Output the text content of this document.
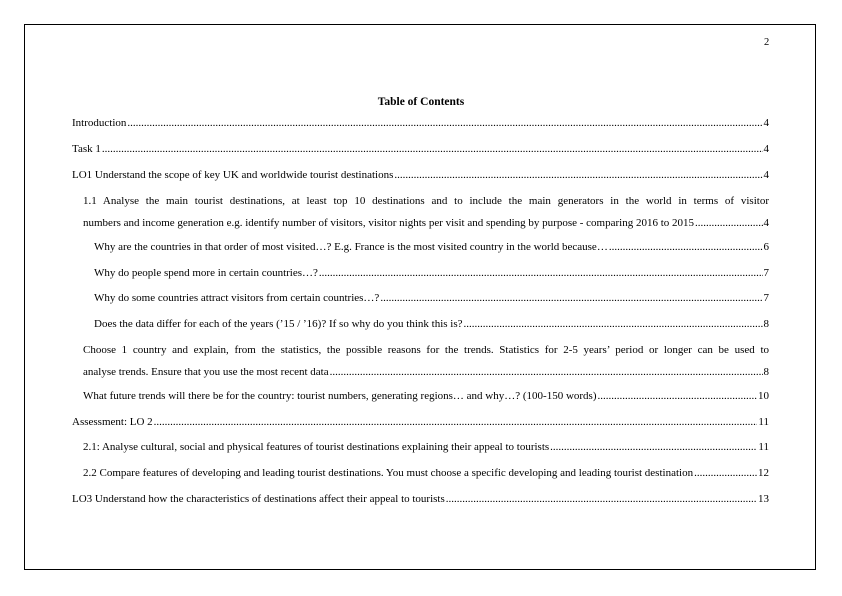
2
Table of Contents
Introduction .....	4
Task 1 .....	4
LO1 Understand the scope of key UK and worldwide tourist destinations .....	4
1.1 Analyse the main tourist destinations, at least top 10 destinations and to include the main generators in the world in terms of visitor
numbers and income generation e.g. identify number of visitors, visitor nights per visit and spending by purpose - comparing 2016 to 2015 .....	4
Why are the countries in that order of most visited…? E.g. France is the most visited country in the world because… .....	6
Why do people spend more in certain countries…? .....	7
Why do some countries attract visitors from certain countries…? .....	7
Does the data differ for each of the years (’15 / ’16)? If so why do you think this is? .....	8
Choose 1 country and explain, from the statistics, the possible reasons for the trends. Statistics for 2-5 years’ period or longer can be used to
analyse trends. Ensure that you use the most recent data .....	8
What future trends will there be for the country: tourist numbers, generating regions… and why…? (100-150 words) .....	10
Assessment: LO 2 .....	11
2.1: Analyse cultural, social and physical features of tourist destinations explaining their appeal to tourists .....	11
2.2 Compare features of developing and leading tourist destinations. You must choose a specific developing and leading tourist destination .....	12
LO3 Understand how the characteristics of destinations affect their appeal to tourists .....	13
